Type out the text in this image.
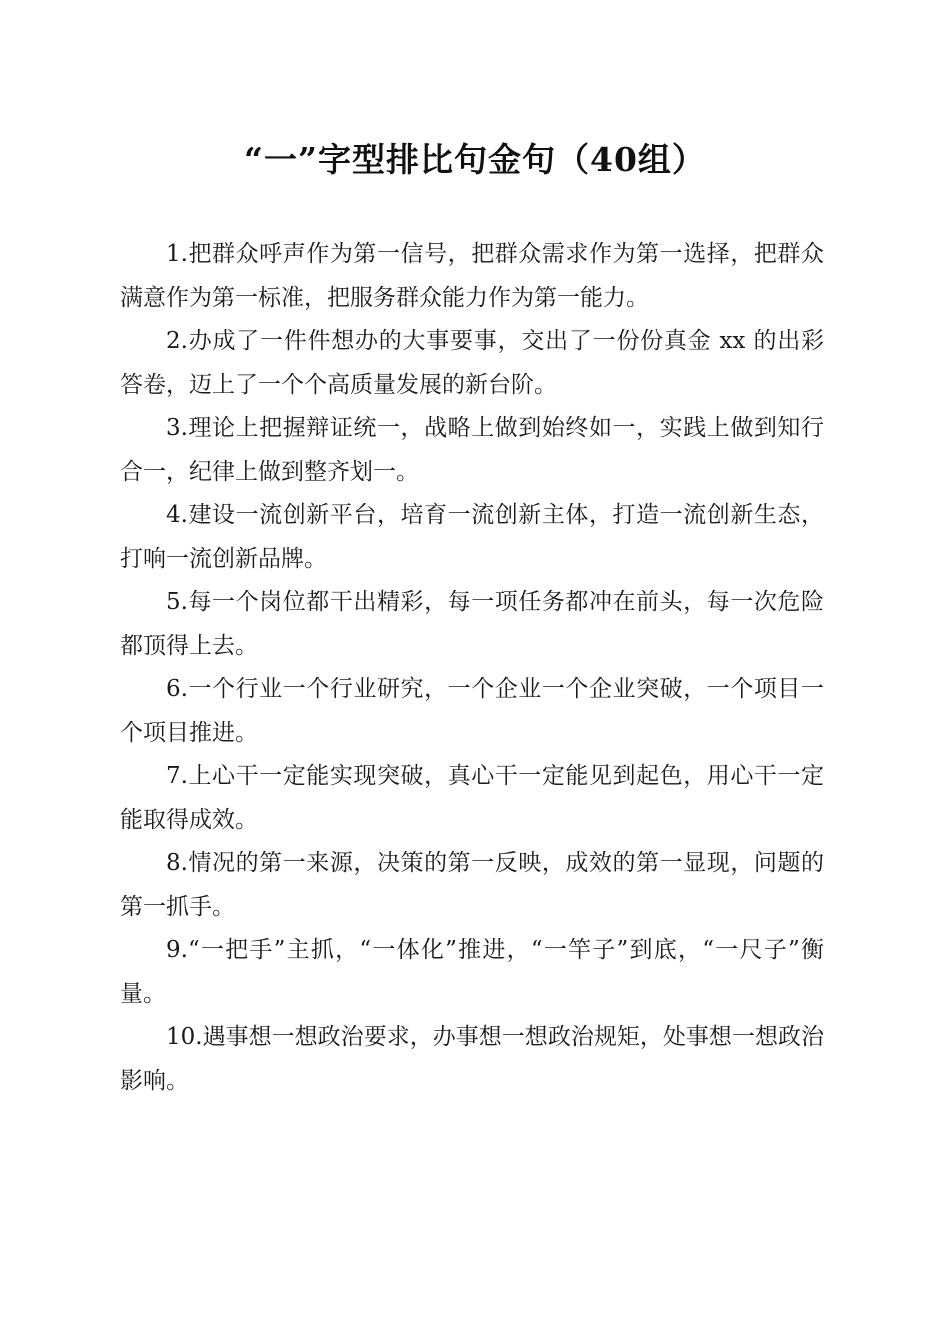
“一”字型排比句金句（40组）

1.把群众呼声作为第一信号，把群众需求作为第一选择，把群众满意作为第一标准，把服务群众能力作为第一能力。

2.办成了一件件想办的大事要事，交出了一份份真金 xx 的出彩答卷，迈上了一个个高质量发展的新台阶。

3.理论上把握辩证统一，战略上做到始终如一，实践上做到知行合一，纪律上做到整齐划一。

4.建设一流创新平台，培育一流创新主体，打造一流创新生态，打响一流创新品牌。

5.每一个岗位都干出精彩，每一项任务都冲在前头，每一次危险都顶得上去。

6.一个行业一个行业研究，一个企业一个企业突破，一个项目一个项目推进。

7.上心干一定能实现突破，真心干一定能见到起色，用心干一定能取得成效。

8.情况的第一来源，决策的第一反映，成效的第一显现，问题的第一抓手。

9.“一把手”主抓，“一体化”推进，“一竿子”到底，“一尺子”衡量。

10.遇事想一想政治要求，办事想一想政治规矩，处事想一想政治影响。
